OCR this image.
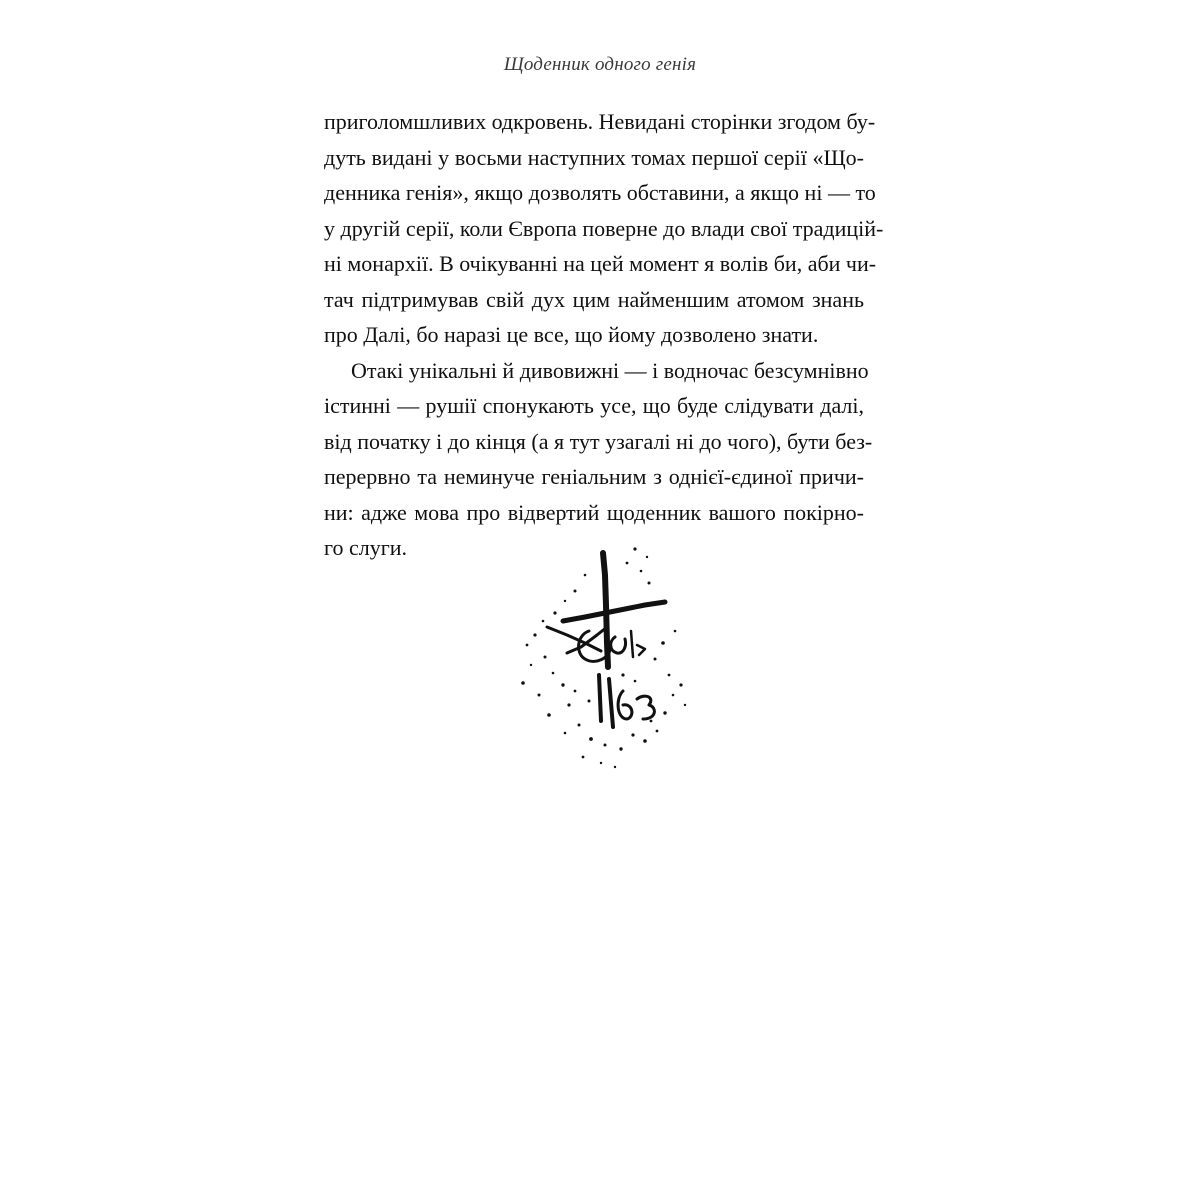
Щоденник одного генія
приголомшливих одкровень. Невидані сторінки згодом бу-
дуть видані у восьми наступних томах першої серії «Що-
денника генія», якщо дозволять обставини, а якщо ні — то
у другій серії, коли Європа поверне до влади свої традицій-
ні монархії. В очікуванні на цей момент я волів би, аби чи-
тач підтримував свій дух цим найменшим атомом знань
про Далі, бо наразі це все, що йому дозволено знати.
Отакі унікальні й дивовижні — і водночас безсумнівно
істинні — рушії спонукають усе, що буде слідувати далі,
від початку і до кінця (а я тут узагалі ні до чого), бути без-
перервно та неминуче геніальним з однієї-єдиної причи-
ни: адже мова про відвертий щоденник вашого покірно-
го слуги.
